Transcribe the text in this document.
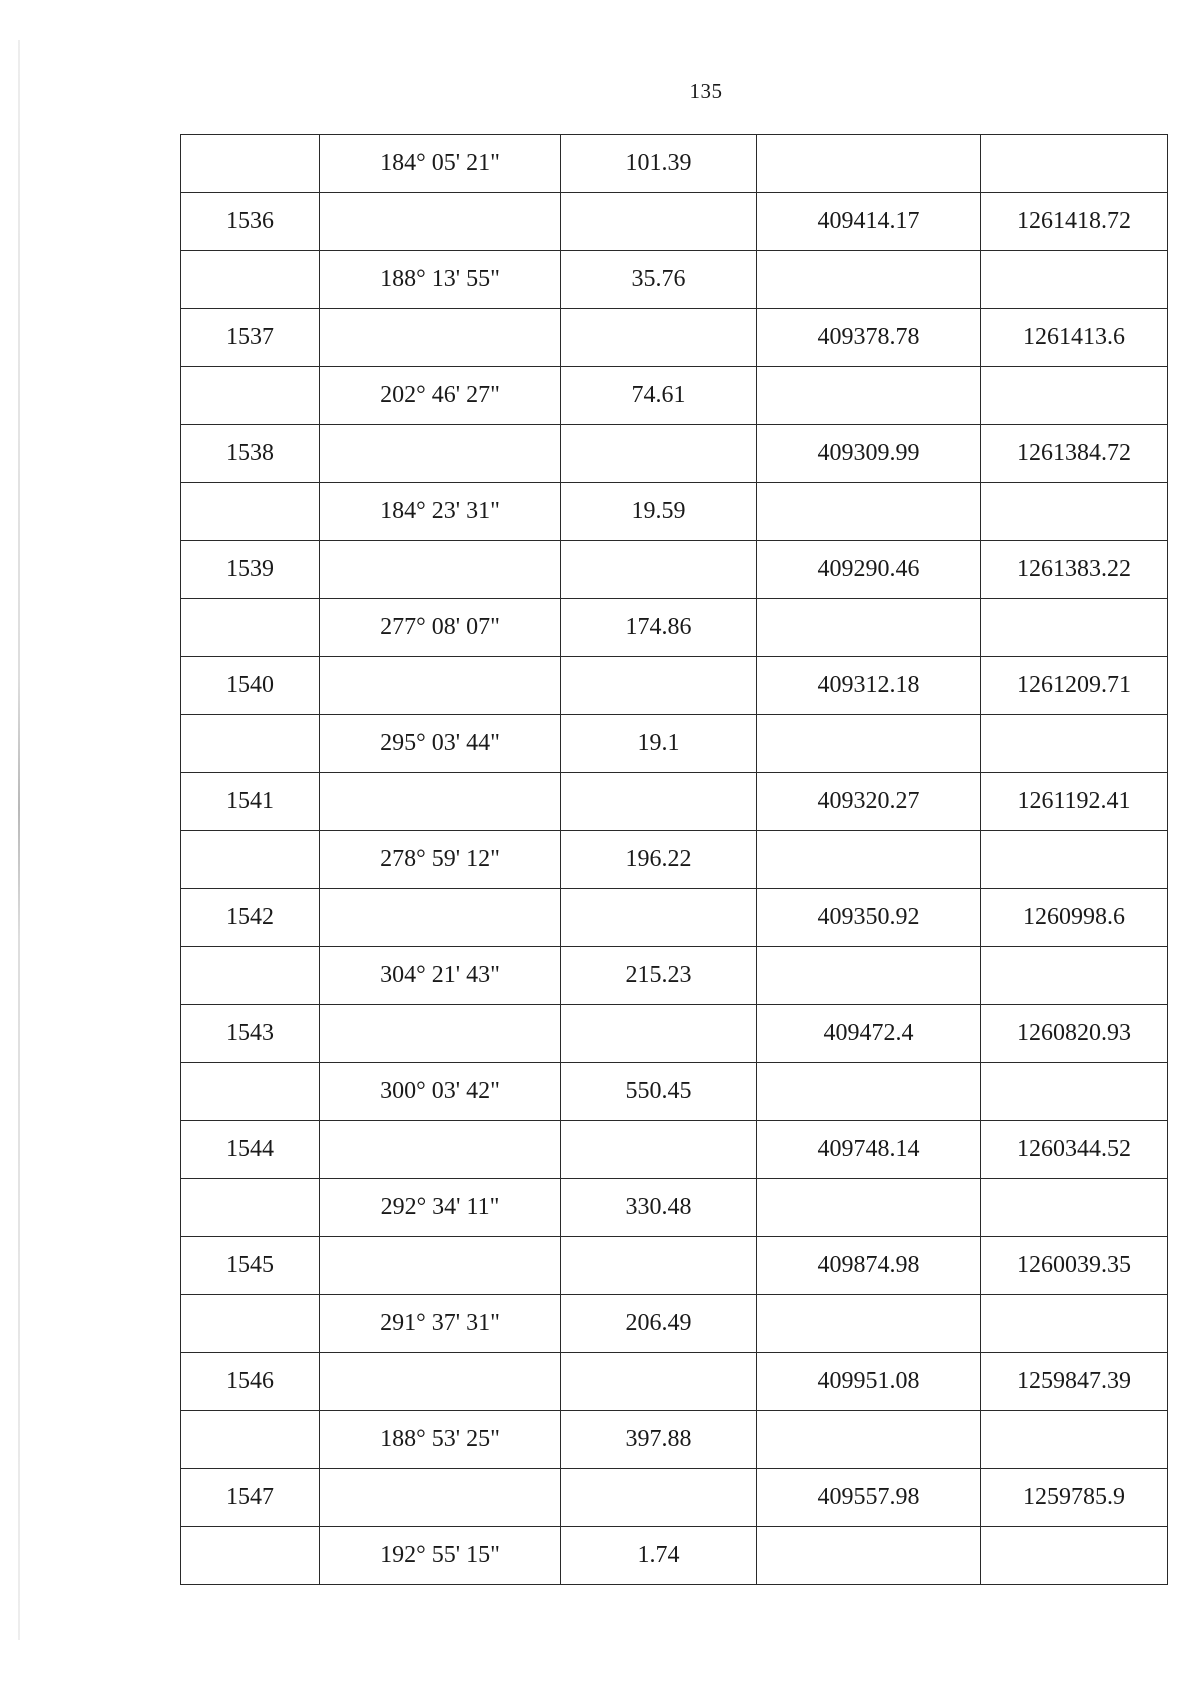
135
	184° 05' 21"	101.39		
1536			409414.17	1261418.72
	188° 13' 55"	35.76		
1537			409378.78	1261413.6
	202° 46' 27"	74.61		
1538			409309.99	1261384.72
	184° 23' 31"	19.59		
1539			409290.46	1261383.22
	277° 08' 07"	174.86		
1540			409312.18	1261209.71
	295° 03' 44"	19.1		
1541			409320.27	1261192.41
	278° 59' 12"	196.22		
1542			409350.92	1260998.6
	304° 21' 43"	215.23		
1543			409472.4	1260820.93
	300° 03' 42"	550.45		
1544			409748.14	1260344.52
	292° 34' 11"	330.48		
1545			409874.98	1260039.35
	291° 37' 31"	206.49		
1546			409951.08	1259847.39
	188° 53' 25"	397.88		
1547			409557.98	1259785.9
	192° 55' 15"	1.74		
